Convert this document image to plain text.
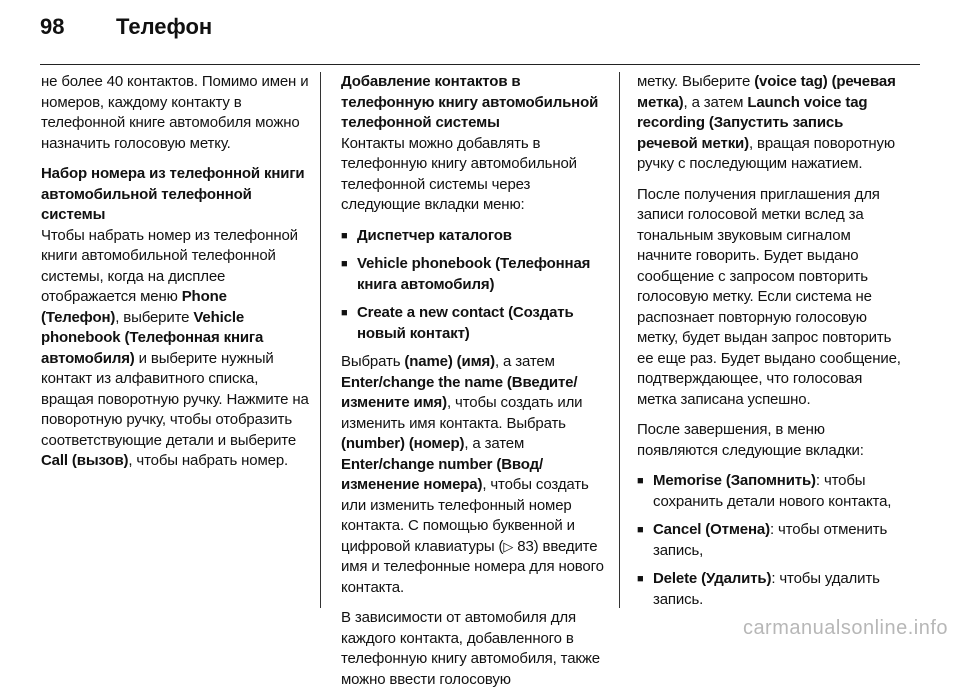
98 Телефон

не более 40 контактов. Помимо имен и номеров, каждому контакту в телефонной книге автомобиля можно назначить голосовую метку.

Набор номера из телефонной книги автомобильной телефонной системы

Чтобы набрать номер из телефонной книги автомобильной телефонной системы, когда на дисплее отображается меню Phone (Телефон), выберите Vehicle phonebook (Телефонная книга автомобиля) и выберите нужный контакт из алфавитного списка, вращая поворотную ручку. Нажмите на поворотную ручку, чтобы отобразить соответствующие детали и выберите Call (вызов), чтобы набрать номер.

Добавление контактов в телефонную книгу автомобильной телефонной системы

Контакты можно добавлять в телефонную книгу автомобильной телефонной системы через следующие вкладки меню:

■ Диспетчер каталогов
■ Vehicle phonebook (Телефонная книга автомобиля)
■ Create a new contact (Создать новый контакт)

Выбрать (name) (имя), а затем Enter/change the name (Введите/измените имя), чтобы создать или изменить имя контакта. Выбрать (number) (номер), а затем Enter/change number (Ввод/изменение номера), чтобы создать или изменить телефонный номер контакта. С помощью буквенной и цифровой клавиатуры (▷ 83) введите имя и телефонные номера для нового контакта.

В зависимости от автомобиля для каждого контакта, добавленного в телефонную книгу автомобиля, также можно ввести голосовую

метку. Выберите (voice tag) (речевая метка), а затем Launch voice tag recording (Запустить запись речевой метки), вращая поворотную ручку с последующим нажатием.

После получения приглашения для записи голосовой метки вслед за тональным звуковым сигналом начните говорить. Будет выдано сообщение с запросом повторить голосовую метку. Если система не распознает повторную голосовую метку, будет выдан запрос повторить ее еще раз. Будет выдано сообщение, подтверждающее, что голосовая метка записана успешно.

После завершения, в меню появляются следующие вкладки:

■ Memorise (Запомнить): чтобы сохранить детали нового контакта,
■ Cancel (Отмена): чтобы отменить запись,
■ Delete (Удалить): чтобы удалить запись.
carmanualsonline.info
